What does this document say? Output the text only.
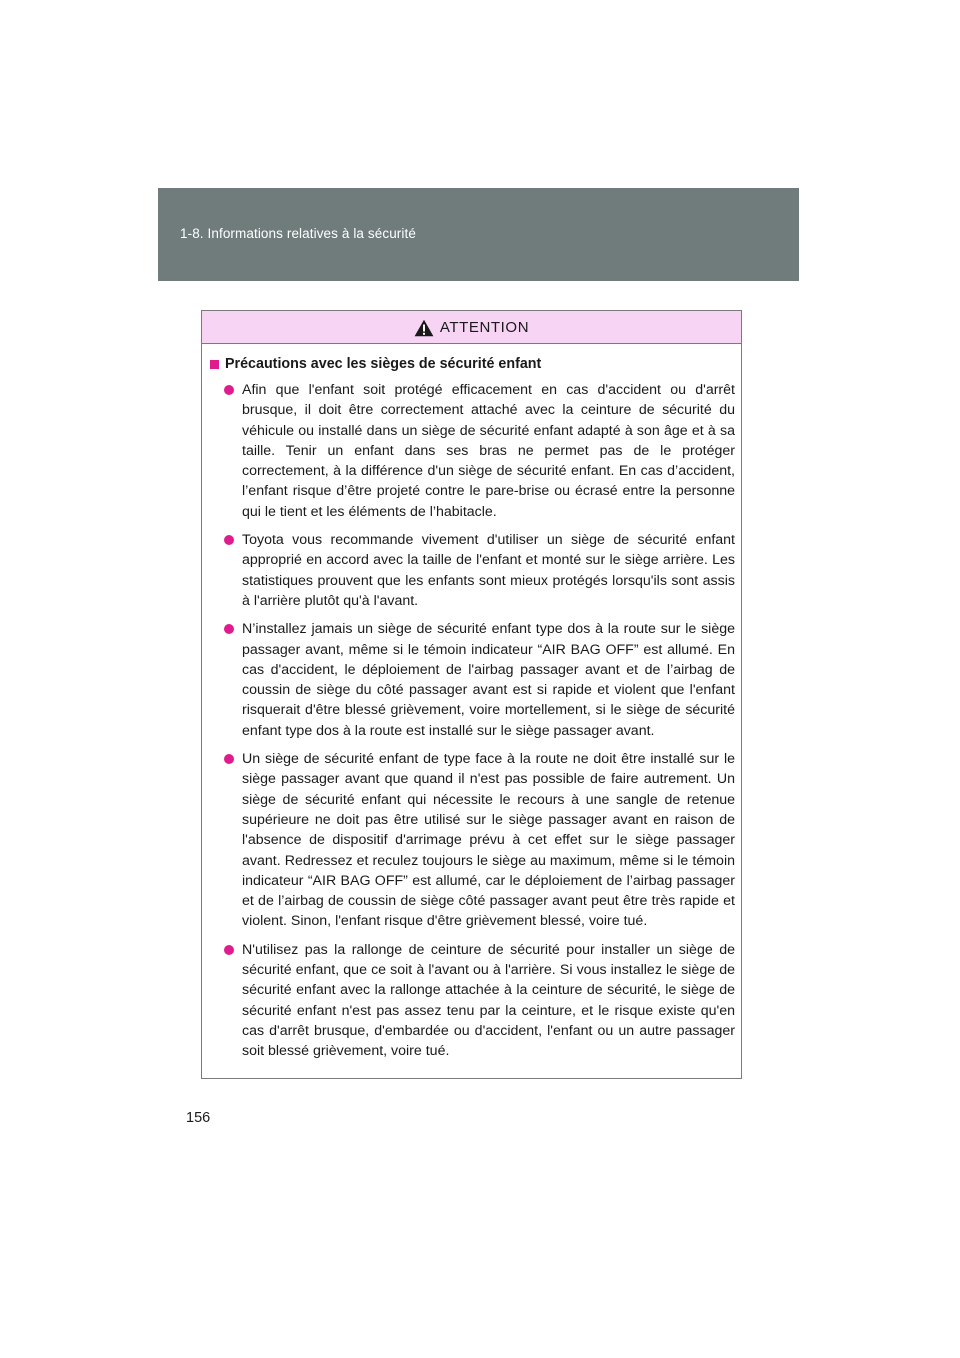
1-8. Informations relatives à la sécurité
ATTENTION
Précautions avec les sièges de sécurité enfant
Afin que l'enfant soit protégé efficacement en cas d'accident ou d'arrêt brusque, il doit être correctement attaché avec la ceinture de sécurité du véhicule ou installé dans un siège de sécurité enfant adapté à son âge et à sa taille. Tenir un enfant dans ses bras ne permet pas de le protéger correctement, à la différence d'un siège de sécurité enfant. En cas d’accident, l’enfant risque d’être projeté contre le pare-brise ou écrasé entre la personne qui le tient et les éléments de l’habitacle.
Toyota vous recommande vivement d'utiliser un siège de sécurité enfant approprié en accord avec la taille de l'enfant et monté sur le siège arrière. Les statistiques prouvent que les enfants sont mieux protégés lorsqu'ils sont assis à l'arrière plutôt qu'à l'avant.
N’installez jamais un siège de sécurité enfant type dos à la route sur le siège passager avant, même si le témoin indicateur “AIR BAG OFF” est allumé. En cas d'accident, le déploiement de l'airbag passager avant et de l’airbag de coussin de siège du côté passager avant est si rapide et violent que l'enfant risquerait d'être blessé grièvement, voire mortellement, si le siège de sécurité enfant type dos à la route est installé sur le siège passager avant.
Un siège de sécurité enfant de type face à la route ne doit être installé sur le siège passager avant que quand il n'est pas possible de faire autrement. Un siège de sécurité enfant qui nécessite le recours à une sangle de retenue supérieure ne doit pas être utilisé sur le siège passager avant en raison de l'absence de dispositif d'arrimage prévu à cet effet sur le siège passager avant. Redressez et reculez toujours le siège au maximum, même si le témoin indicateur “AIR BAG OFF” est allumé, car le déploiement de l’airbag passager et de l’airbag de coussin de siège côté passager avant peut être très rapide et violent. Sinon, l'enfant risque d'être grièvement blessé, voire tué.
N'utilisez pas la rallonge de ceinture de sécurité pour installer un siège de sécurité enfant, que ce soit à l'avant ou à l'arrière. Si vous installez le siège de sécurité enfant avec la rallonge attachée à la ceinture de sécurité, le siège de sécurité enfant n'est pas assez tenu par la ceinture, et le risque existe qu'en cas d'arrêt brusque, d'embardée ou d'accident, l'enfant ou un autre passager soit blessé grièvement, voire tué.
156
